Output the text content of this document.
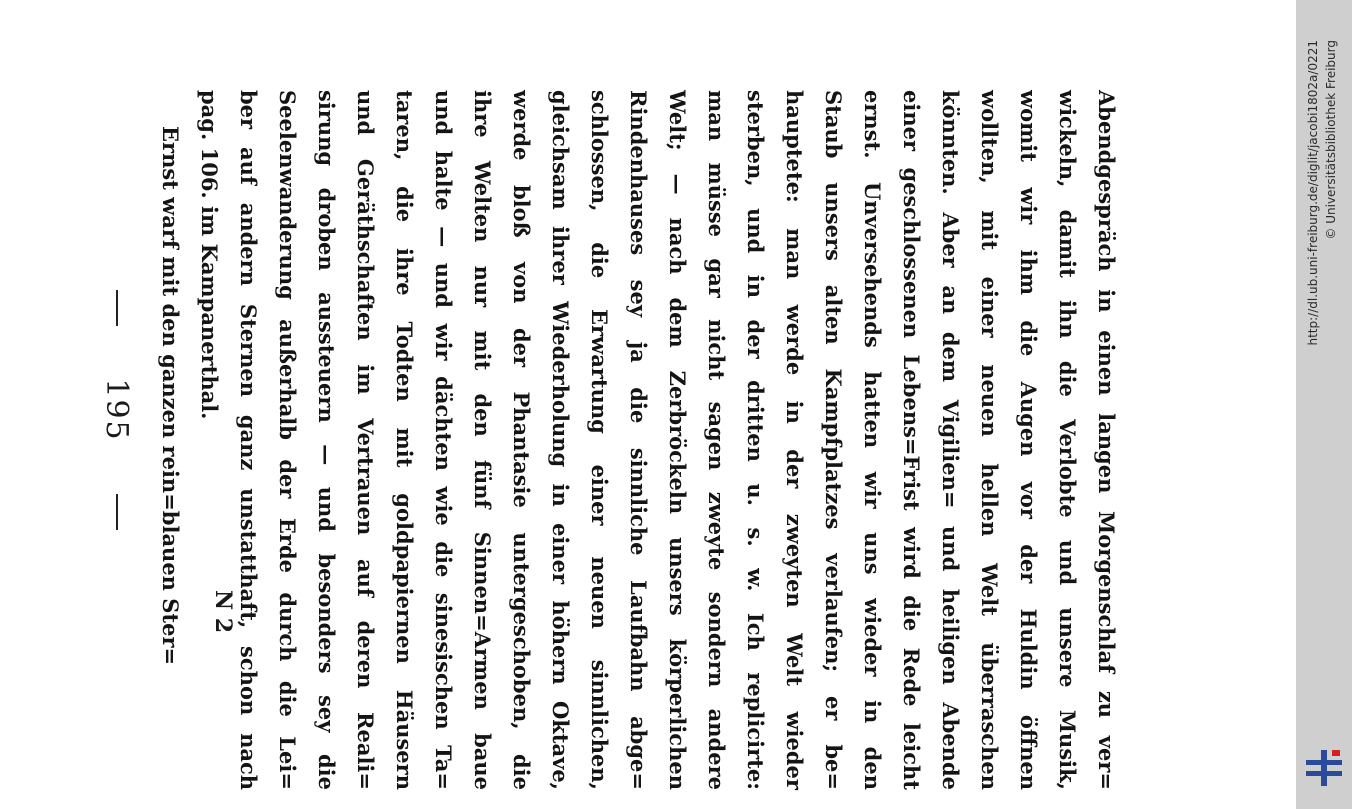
195	Abendgespräch in einen langen Morgenschlaf zu ver=
wickeln, damit ihn die Verlobte und unsere Musik,
womit wir ihm die Augen vor der Huldin öffnen
wollten, mit einer neuen hellen Welt überraschen
könnten. Aber an dem Vigilien= und heiligen Abende
einer geschlossenen Lebens=Frist wird die Rede leicht
ernst. Unversehends hatten wir uns wieder in den
Staub unsers alten Kampfplatzes verlaufen; er be=
hauptete: man werde in der zweyten Welt wieder
sterben, und in der dritten u. s. w. Ich replicirte:
man müsse gar nicht sagen zweyte sondern andere
Welt; — nach dem Zerbröckeln unsers körperlichen
Rindenhauses sey ja die sinnliche Laufbahn abge=
schlossen, die Erwartung einer neuen sinnlichen,
gleichsam ihrer Wiederholung in einer höhern Oktave,
werde bloß von der Phantasie untergeschoben, die
ihre Welten nur mit den fünf Sinnen=Armen baue
und halte — und wir dächten wie die sinesischen Ta=
taren, die ihre Todten mit goldpapiernen Häusern
und Geräthschaften im Vertrauen auf deren Reali=
sirung droben aussteuern — und besonders sey die
Seelenwanderung außerhalb der Erde durch die Lei=
ber auf andern Sternen ganz unstatthaft, schon nach
pag. 106. im Kampanerthal.
Ernst warf mit den ganzen rein=blauen Ster=	N 2
http://dl.ub.uni-freiburg.de/diglit/jacobi1802a/0221 © Universitätsbibliothek Freiburg
